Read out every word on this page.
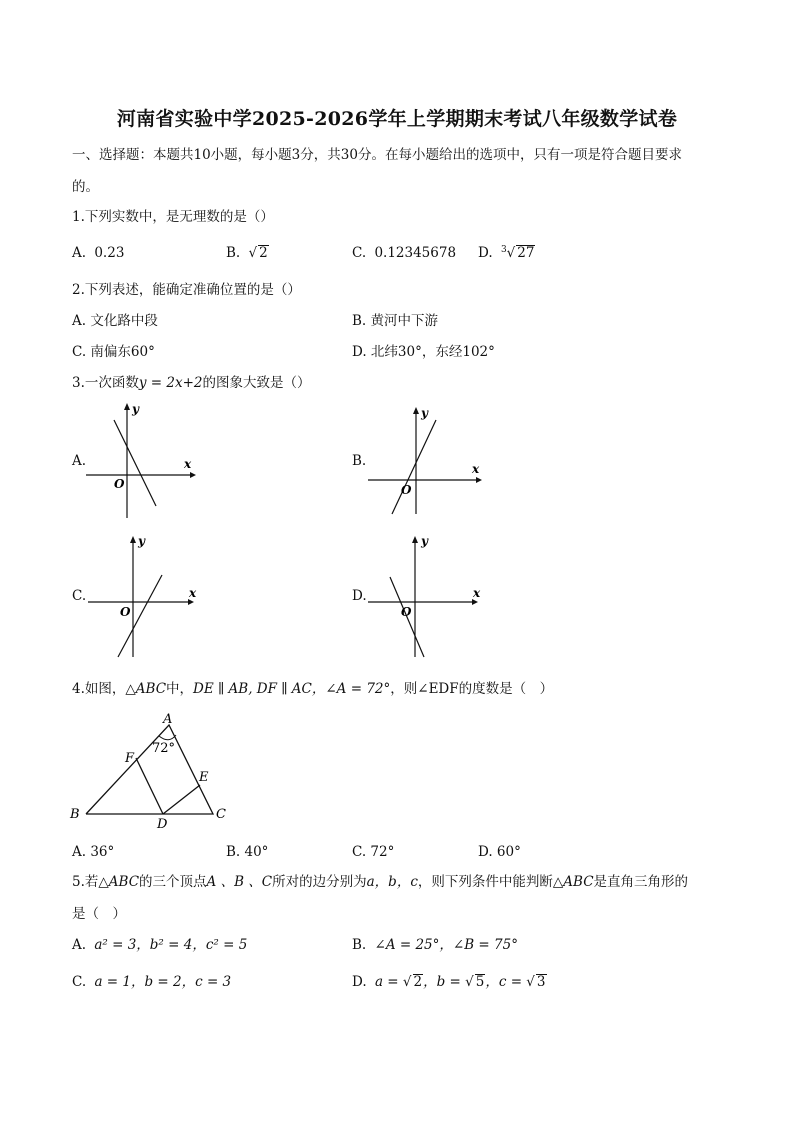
河南省实验中学2025-2026学年上学期期末考试八年级数学试卷
一、选择题：本题共10小题，每小题3分，共30分。在每小题给出的选项中，只有一项是符合题目要求
的。
1.下列实数中，是无理数的是（）
A. 0.23	B. √ 2	C. 0.12345678 D. $^3$√ 27
2.下列表述，能确定准确位置的是（）
A. 文化路中段	B. 黄河中下游
C. 南偏东60°	D. 北纬30°，东经102°
3.一次函数y = 2x+2的图象大致是（）
A.	B.
C.	D.
x
y
O
x
y
O
x
y
O
x
y
O
4.如图，△ABC中，DE ∥ AB, DF ∥ AC，∠A = 72°，则∠EDF的度数是（　）
A
72°
F
E
B
D
C
A. 36°	B. 40°	C. 72°	D. 60°
5.若△ABC的三个顶点A 、B 、C所对的边分别为a，b，c，则下列条件中能判断△ABC是直角三角形的
是（　）
A. a² = 3，b² = 4，c² = 5	B. ∠A = 25°，∠B = 75°
C. a = 1，b = 2，c = 3	D. a = √ 2，b = √ 5，c = √ 3
